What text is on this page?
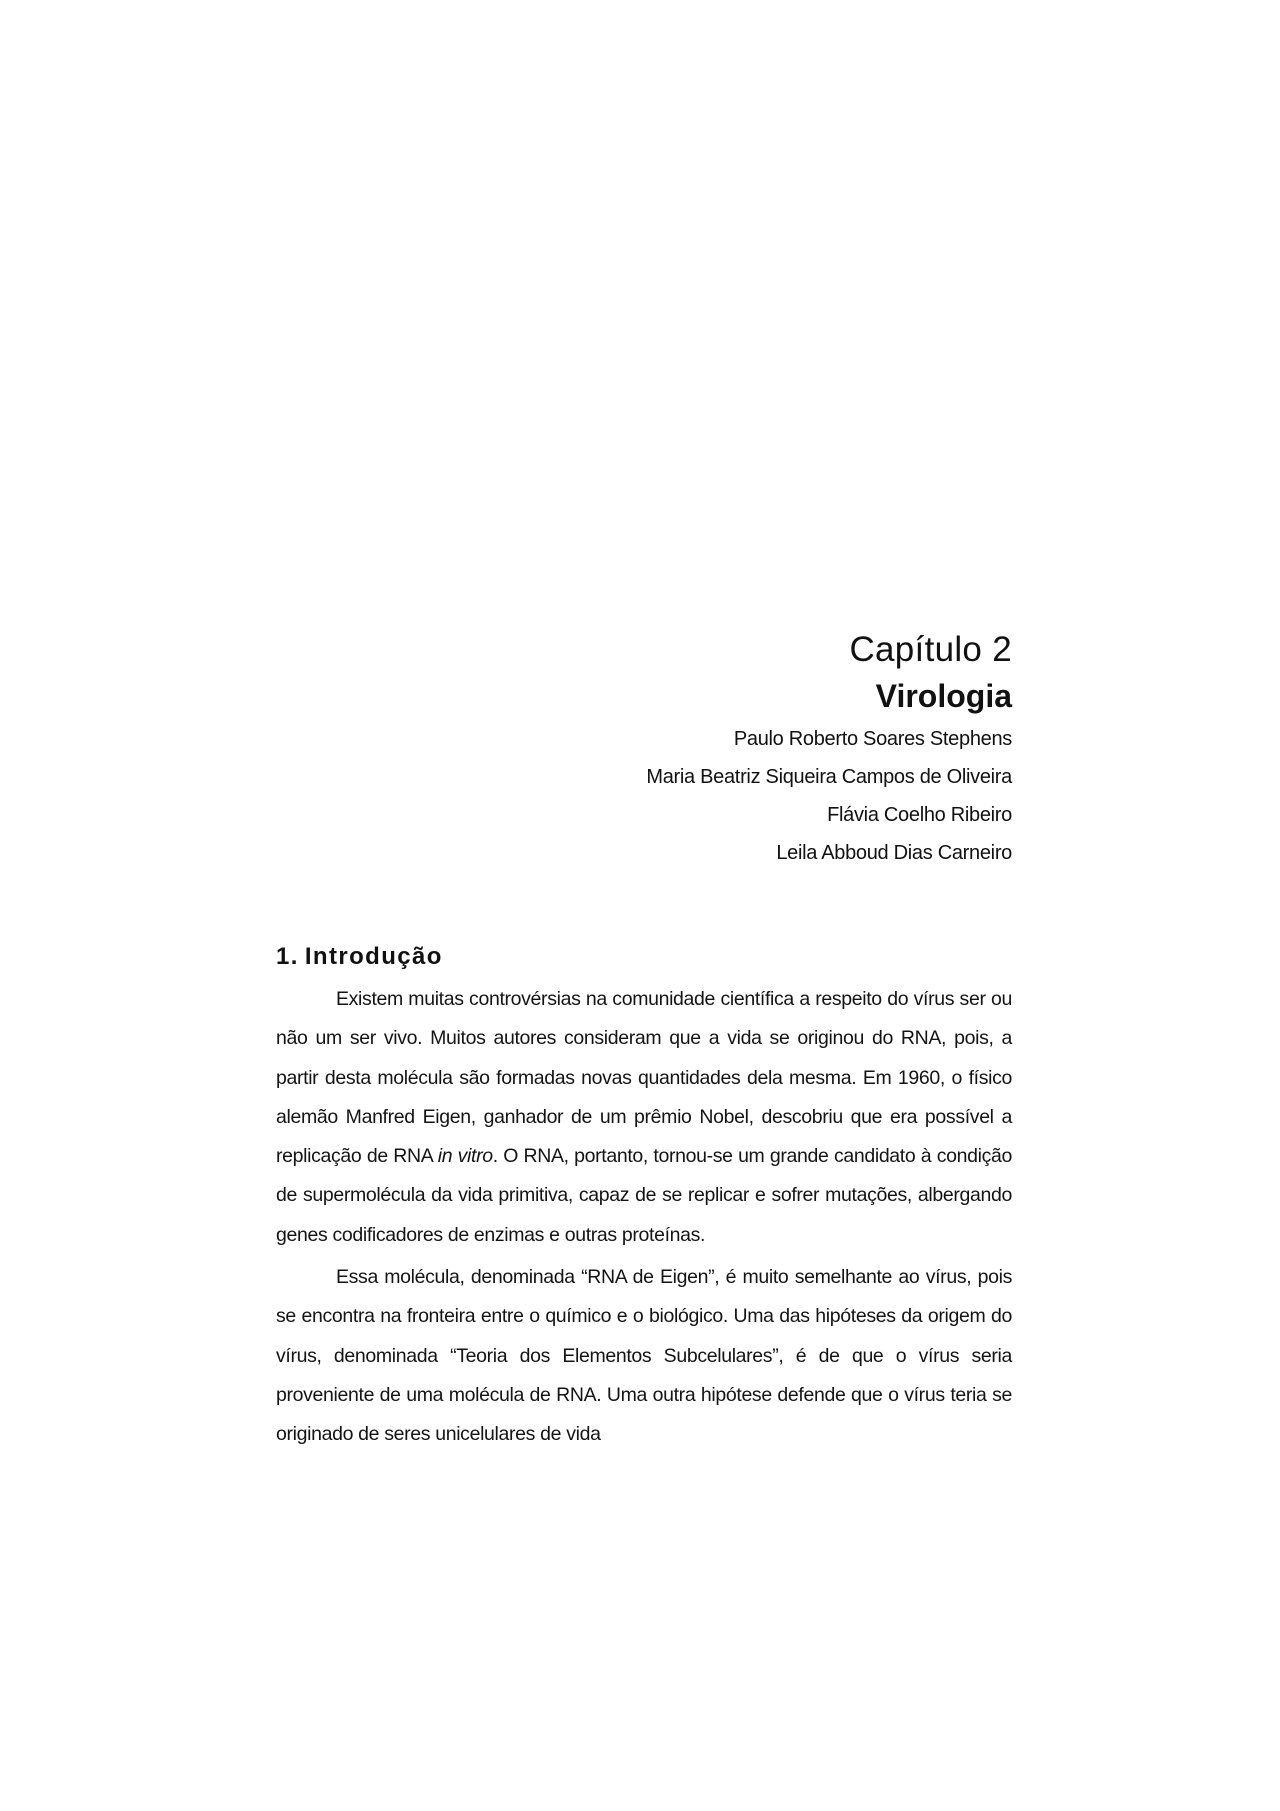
Capítulo 2

Virologia
Paulo Roberto Soares Stephens
Maria Beatriz Siqueira Campos de Oliveira
Flávia Coelho Ribeiro
Leila Abboud Dias Carneiro
1. Introdução

Existem muitas controvérsias na comunidade científica a respeito do vírus ser ou não um ser vivo. Muitos autores consideram que a vida se originou do RNA, pois, a partir desta molécula são formadas novas quantidades dela mesma. Em 1960, o físico alemão Manfred Eigen, ganhador de um prêmio Nobel, descobriu que era possível a replicação de RNA in vitro. O RNA, portanto, tornou-se um grande candidato à condição de supermolécula da vida primitiva, capaz de se replicar e sofrer mutações, albergando genes codificadores de enzimas e outras proteínas.

Essa molécula, denominada “RNA de Eigen”, é muito semelhante ao vírus, pois se encontra na fronteira entre o químico e o biológico. Uma das hipóteses da origem do vírus, denominada “Teoria dos Elementos Subcelulares”, é de que o vírus seria proveniente de uma molécula de RNA. Uma outra hipótese defende que o vírus teria se originado de seres unicelulares de vida
